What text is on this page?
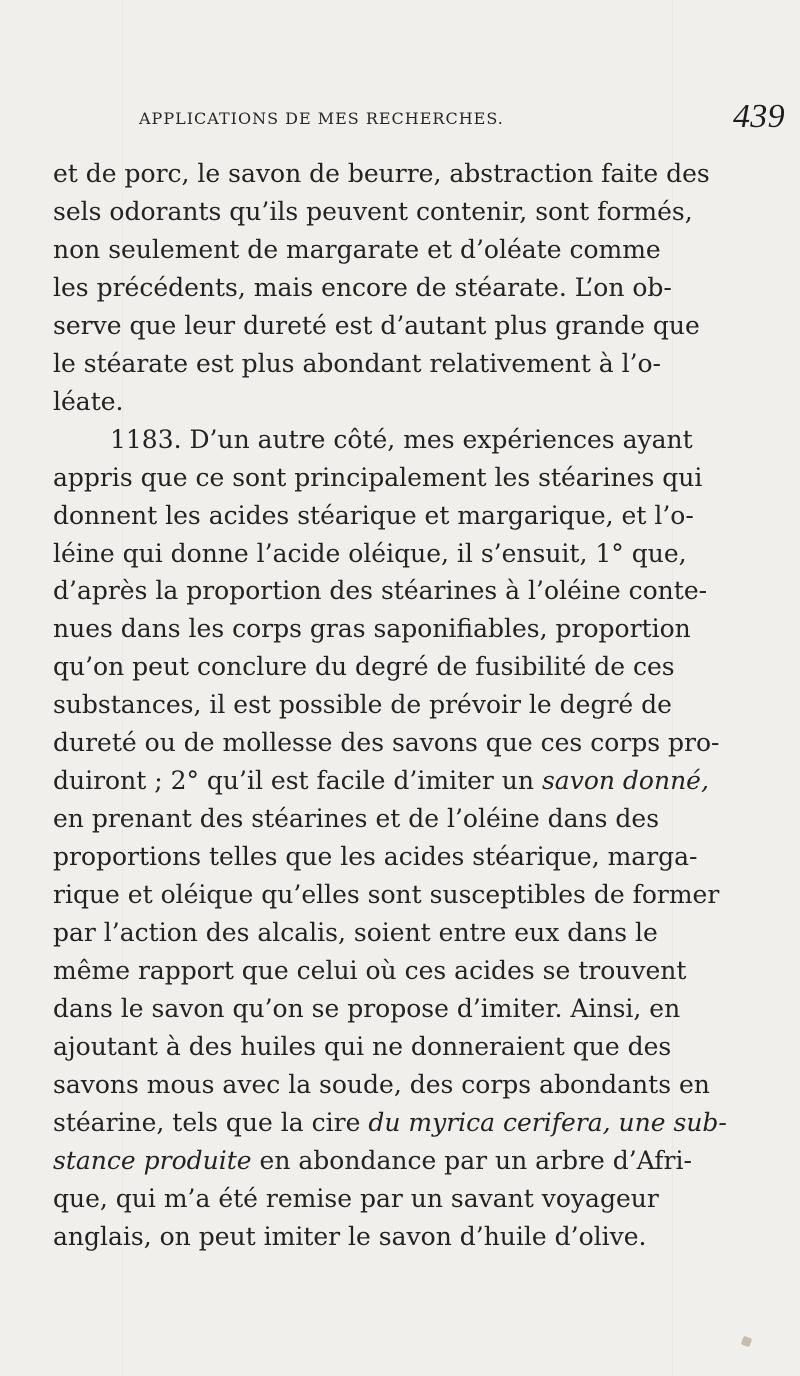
APPLICATIONS DE MES RECHERCHES.	439
et de porc, le savon de beurre, abstraction faite des
sels odorants qu’ils peuvent contenir, sont formés,
non seulement de margarate et d’oléate comme
les précédents, mais encore de stéarate. L’on ob-
serve que leur dureté est d’autant plus grande que
le stéarate est plus abondant relativement à l’o-
léate.
1183. D’un autre côté, mes expériences ayant
appris que ce sont principalement les stéarines qui
donnent les acides stéarique et margarique, et l’o-
léine qui donne l’acide oléique, il s’ensuit, 1° que,
d’après la proportion des stéarines à l’oléine conte-
nues dans les corps gras saponifiables, proportion
qu’on peut conclure du degré de fusibilité de ces
substances, il est possible de prévoir le degré de
dureté ou de mollesse des savons que ces corps pro-
duiront ; 2° qu’il est facile d’imiter un savon donné,
en prenant des stéarines et de l’oléine dans des
proportions telles que les acides stéarique, marga-
rique et oléique qu’elles sont susceptibles de former
par l’action des alcalis, soient entre eux dans le
même rapport que celui où ces acides se trouvent
dans le savon qu’on se propose d’imiter. Ainsi, en
ajoutant à des huiles qui ne donneraient que des
savons mous avec la soude, des corps abondants en
stéarine, tels que la cire du myrica cerifera, une sub-
stance produite en abondance par un arbre d’Afri-
que, qui m’a été remise par un savant voyageur
anglais, on peut imiter le savon d’huile d’olive.
